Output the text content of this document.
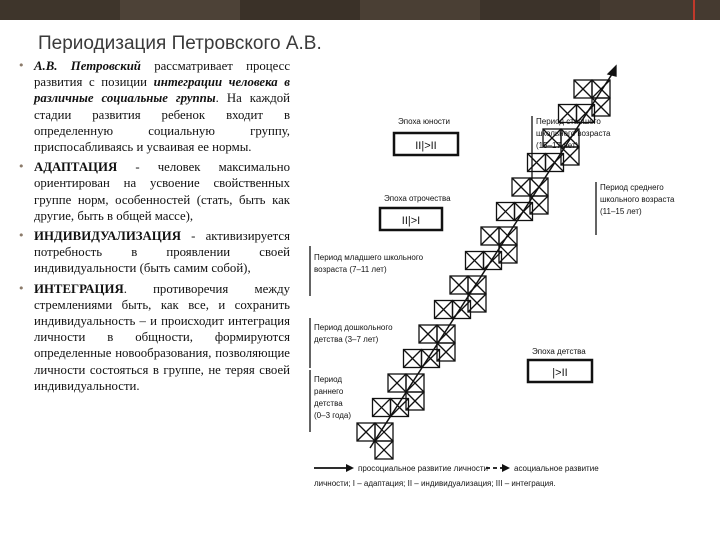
Периодизация Петровского А.В.

• А.В. Петровский рассматривает процесс развития с позиции интеграции человека в различные социальные группы. На каждой стадии развития ребенок входит в определенную социальную группу, приспосабливаясь и усваивая ее нормы.

• АДАПТАЦИЯ - человек максимально ориентирован на усвоение свойственных группе норм, особенностей (стать, быть как другие, быть в общей массе),

• ИНДИВИДУАЛИЗАЦИЯ - активизируется потребность в проявлении своей индивидуальности (быть самим собой),

• ИНТЕГРАЦИЯ. противоречия между стремлениями быть, как все, и сохранить индивидуальность – и происходит интеграция личности в общности, формируются определенные новообразования, позволяющие личности состояться в группе, не теряя своей индивидуальности.

Эпоха юности
II|>II
Эпоха отрочества
II|>I
Эпоха детства
|>II
Период старшего
школьного возраста
(15–17 лет)
Период среднего
школьного возраста
(11–15 лет)
Период младшего школьного
возраста (7–11 лет)
Период дошкольного
детства (3–7 лет)
Период
раннего
детства
(0–3 года)
просоциальное развитие личности	асоциальное развитие
личности; I – адаптация; II – индивидуализация; III – интеграция.
